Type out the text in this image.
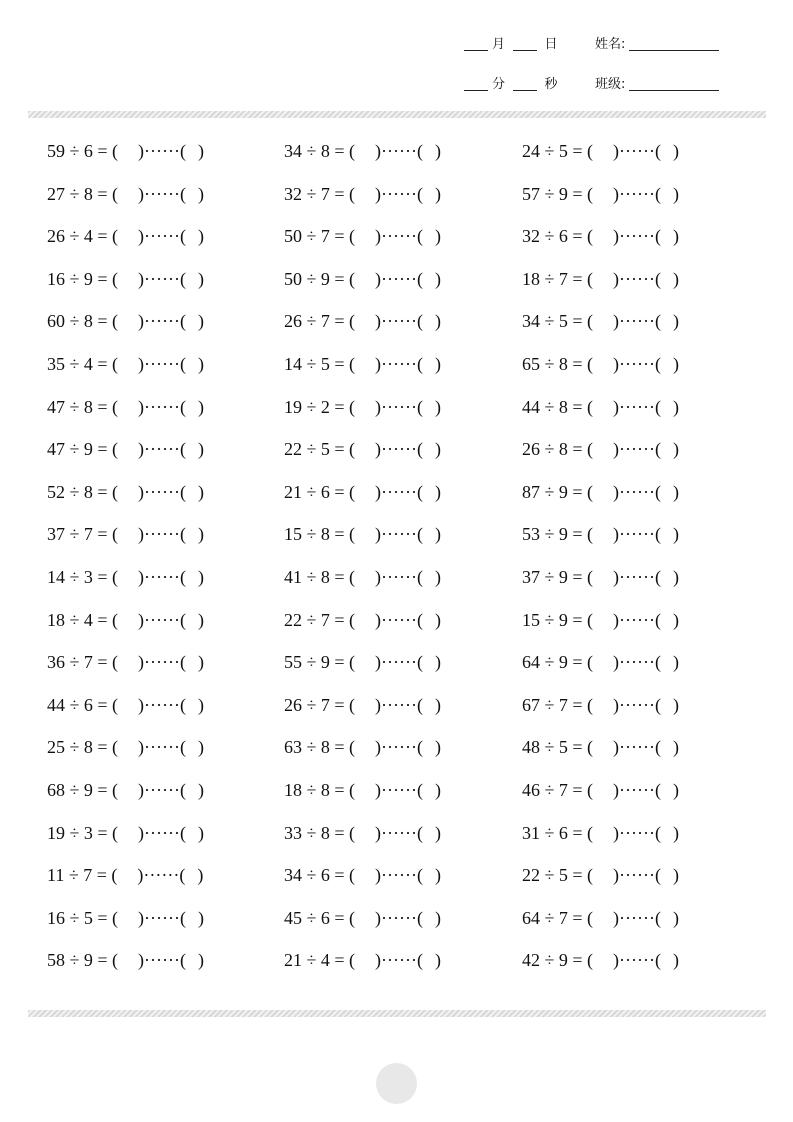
月	日	姓名:
分	秒	班级:
59 ÷ 6 = ( )······( )	34 ÷ 8 = ( )······( )	24 ÷ 5 = ( )······( )
27 ÷ 8 = ( )······( )	32 ÷ 7 = ( )······( )	57 ÷ 9 = ( )······( )
26 ÷ 4 = ( )······( )	50 ÷ 7 = ( )······( )	32 ÷ 6 = ( )······( )
16 ÷ 9 = ( )······( )	50 ÷ 9 = ( )······( )	18 ÷ 7 = ( )······( )
60 ÷ 8 = ( )······( )	26 ÷ 7 = ( )······( )	34 ÷ 5 = ( )······( )
35 ÷ 4 = ( )······( )	14 ÷ 5 = ( )······( )	65 ÷ 8 = ( )······( )
47 ÷ 8 = ( )······( )	19 ÷ 2 = ( )······( )	44 ÷ 8 = ( )······( )
47 ÷ 9 = ( )······( )	22 ÷ 5 = ( )······( )	26 ÷ 8 = ( )······( )
52 ÷ 8 = ( )······( )	21 ÷ 6 = ( )······( )	87 ÷ 9 = ( )······( )
37 ÷ 7 = ( )······( )	15 ÷ 8 = ( )······( )	53 ÷ 9 = ( )······( )
14 ÷ 3 = ( )······( )	41 ÷ 8 = ( )······( )	37 ÷ 9 = ( )······( )
18 ÷ 4 = ( )······( )	22 ÷ 7 = ( )······( )	15 ÷ 9 = ( )······( )
36 ÷ 7 = ( )······( )	55 ÷ 9 = ( )······( )	64 ÷ 9 = ( )······( )
44 ÷ 6 = ( )······( )	26 ÷ 7 = ( )······( )	67 ÷ 7 = ( )······( )
25 ÷ 8 = ( )······( )	63 ÷ 8 = ( )······( )	48 ÷ 5 = ( )······( )
68 ÷ 9 = ( )······( )	18 ÷ 8 = ( )······( )	46 ÷ 7 = ( )······( )
19 ÷ 3 = ( )······( )	33 ÷ 8 = ( )······( )	31 ÷ 6 = ( )······( )
11 ÷ 7 = ( )······( )	34 ÷ 6 = ( )······( )	22 ÷ 5 = ( )······( )
16 ÷ 5 = ( )······( )	45 ÷ 6 = ( )······( )	64 ÷ 7 = ( )······( )
58 ÷ 9 = ( )······( )	21 ÷ 4 = ( )······( )	42 ÷ 9 = ( )······( )
